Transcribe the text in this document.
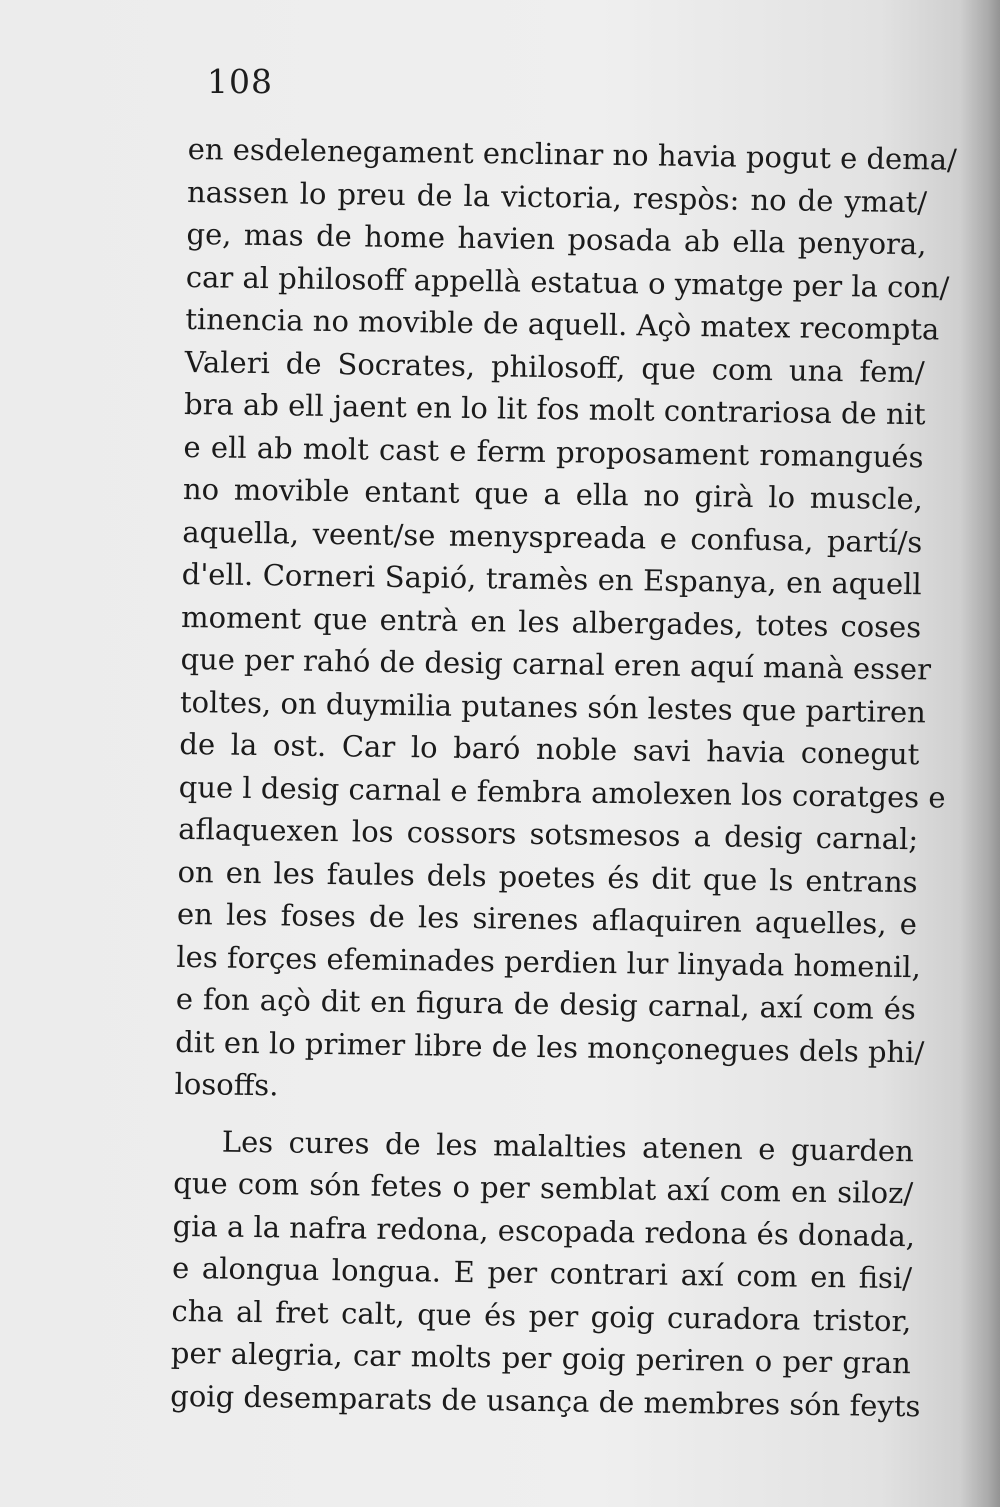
108
en esdelenegament enclinar no havia pogut e dema/
nassen lo preu de la victoria, respòs: no de ymat/
ge, mas de home havien posada ab ella penyora,
car al philosoff appellà estatua o ymatge per la con/
tinencia no movible de aquell. Açò matex recompta
Valeri de Socrates, philosoff, que com una fem/
bra ab ell jaent en lo lit fos molt contrariosa de nit
e ell ab molt cast e ferm proposament romangués
no movible entant que a ella no girà lo muscle,
aquella, veent/se menyspreada e confusa, partí/s
d'ell. Corneri Sapió, tramès en Espanya, en aquell
moment que entrà en les albergades, totes coses
que per rahó de desig carnal eren aquí manà esser
toltes, on duymilia putanes són lestes que partiren
de la ost. Car lo baró noble savi havia conegut
que l desig carnal e fembra amolexen los coratges e
aflaquexen los cossors sotsmesos a desig carnal;
on en les faules dels poetes és dit que ls entrans
en les foses de les sirenes aflaquiren aquelles, e
les forçes efeminades perdien lur linyada homenil,
e fon açò dit en figura de desig carnal, axí com és
dit en lo primer libre de les monçonegues dels phi/
losoffs.
Les cures de les malalties atenen e guarden
que com són fetes o per semblat axí com en siloz/
gia a la nafra redona, escopada redona és donada,
e alongua longua. E per contrari axí com en fisi/
cha al fret calt, que és per goig curadora tristor,
per alegria, car molts per goig periren o per gran
goig desemparats de usança de membres són feyts
